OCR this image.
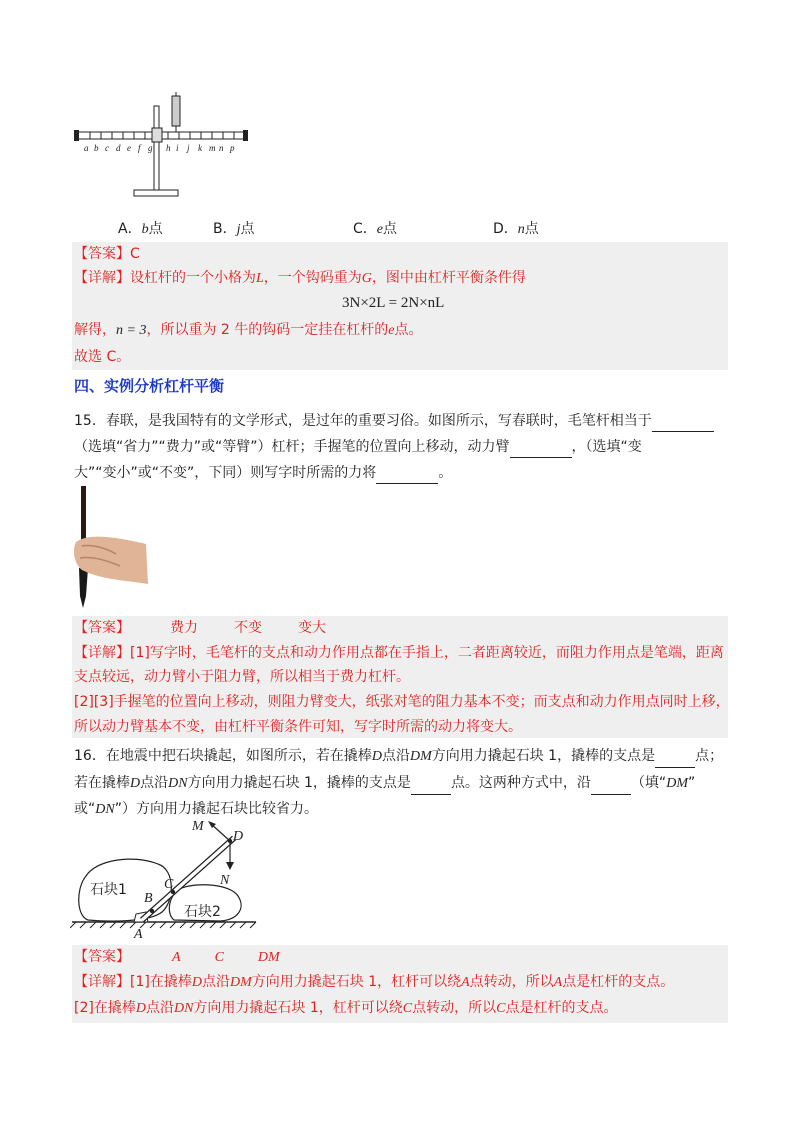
a b c d e f g h i j k m n p
A．b点	B．j点	C．e点	D．n点
【答案】C
【详解】设杠杆的一个小格为L，一个钩码重为G，图中由杠杆平衡条件得
3N×2L = 2N×nL
解得，n = 3，所以重为 2 牛的钩码一定挂在杠杆的e点。
故选 C。
四、实例分析杠杆平衡
15．春联，是我国特有的文学形式，是过年的重要习俗。如图所示，写春联时，毛笔杆相当于
（选填“省力”“费力”或“等臂”）杠杆；手握笔的位置向上移动，动力臂	，（选填“变
大”“变小”或“不变”，下同）则写字时所需的力将	。
【答案】	费力	不变	变大
【详解】[1]写字时，毛笔杆的支点和动力作用点都在手指上，二者距离较近，而阻力作用点是笔端，距离
支点较远，动力臂小于阻力臂，所以相当于费力杠杆。
[2][3]手握笔的位置向上移动，则阻力臂变大，纸张对笔的阻力基本不变；而支点和动力作用点同时上移，
所以动力臂基本不变，由杠杆平衡条件可知，写字时所需的动力将变大。
16．在地震中把石块撬起，如图所示，若在撬棒D点沿DM方向用力撬起石块 1，撬棒的支点是	点；
若在撬棒D点沿DN方向用力撬起石块 1，撬棒的支点是	点。这两种方式中，沿	（填“DM”
或“DN”）方向用力撬起石块比较省力。
M
D
N
C
B
A
石块1
石块2
【答案】	A C DM
【详解】[1]在撬棒D点沿DM方向用力撬起石块 1，杠杆可以绕A点转动，所以A点是杠杆的支点。
[2]在撬棒D点沿DN方向用力撬起石块 1，杠杆可以绕C点转动，所以C点是杠杆的支点。
